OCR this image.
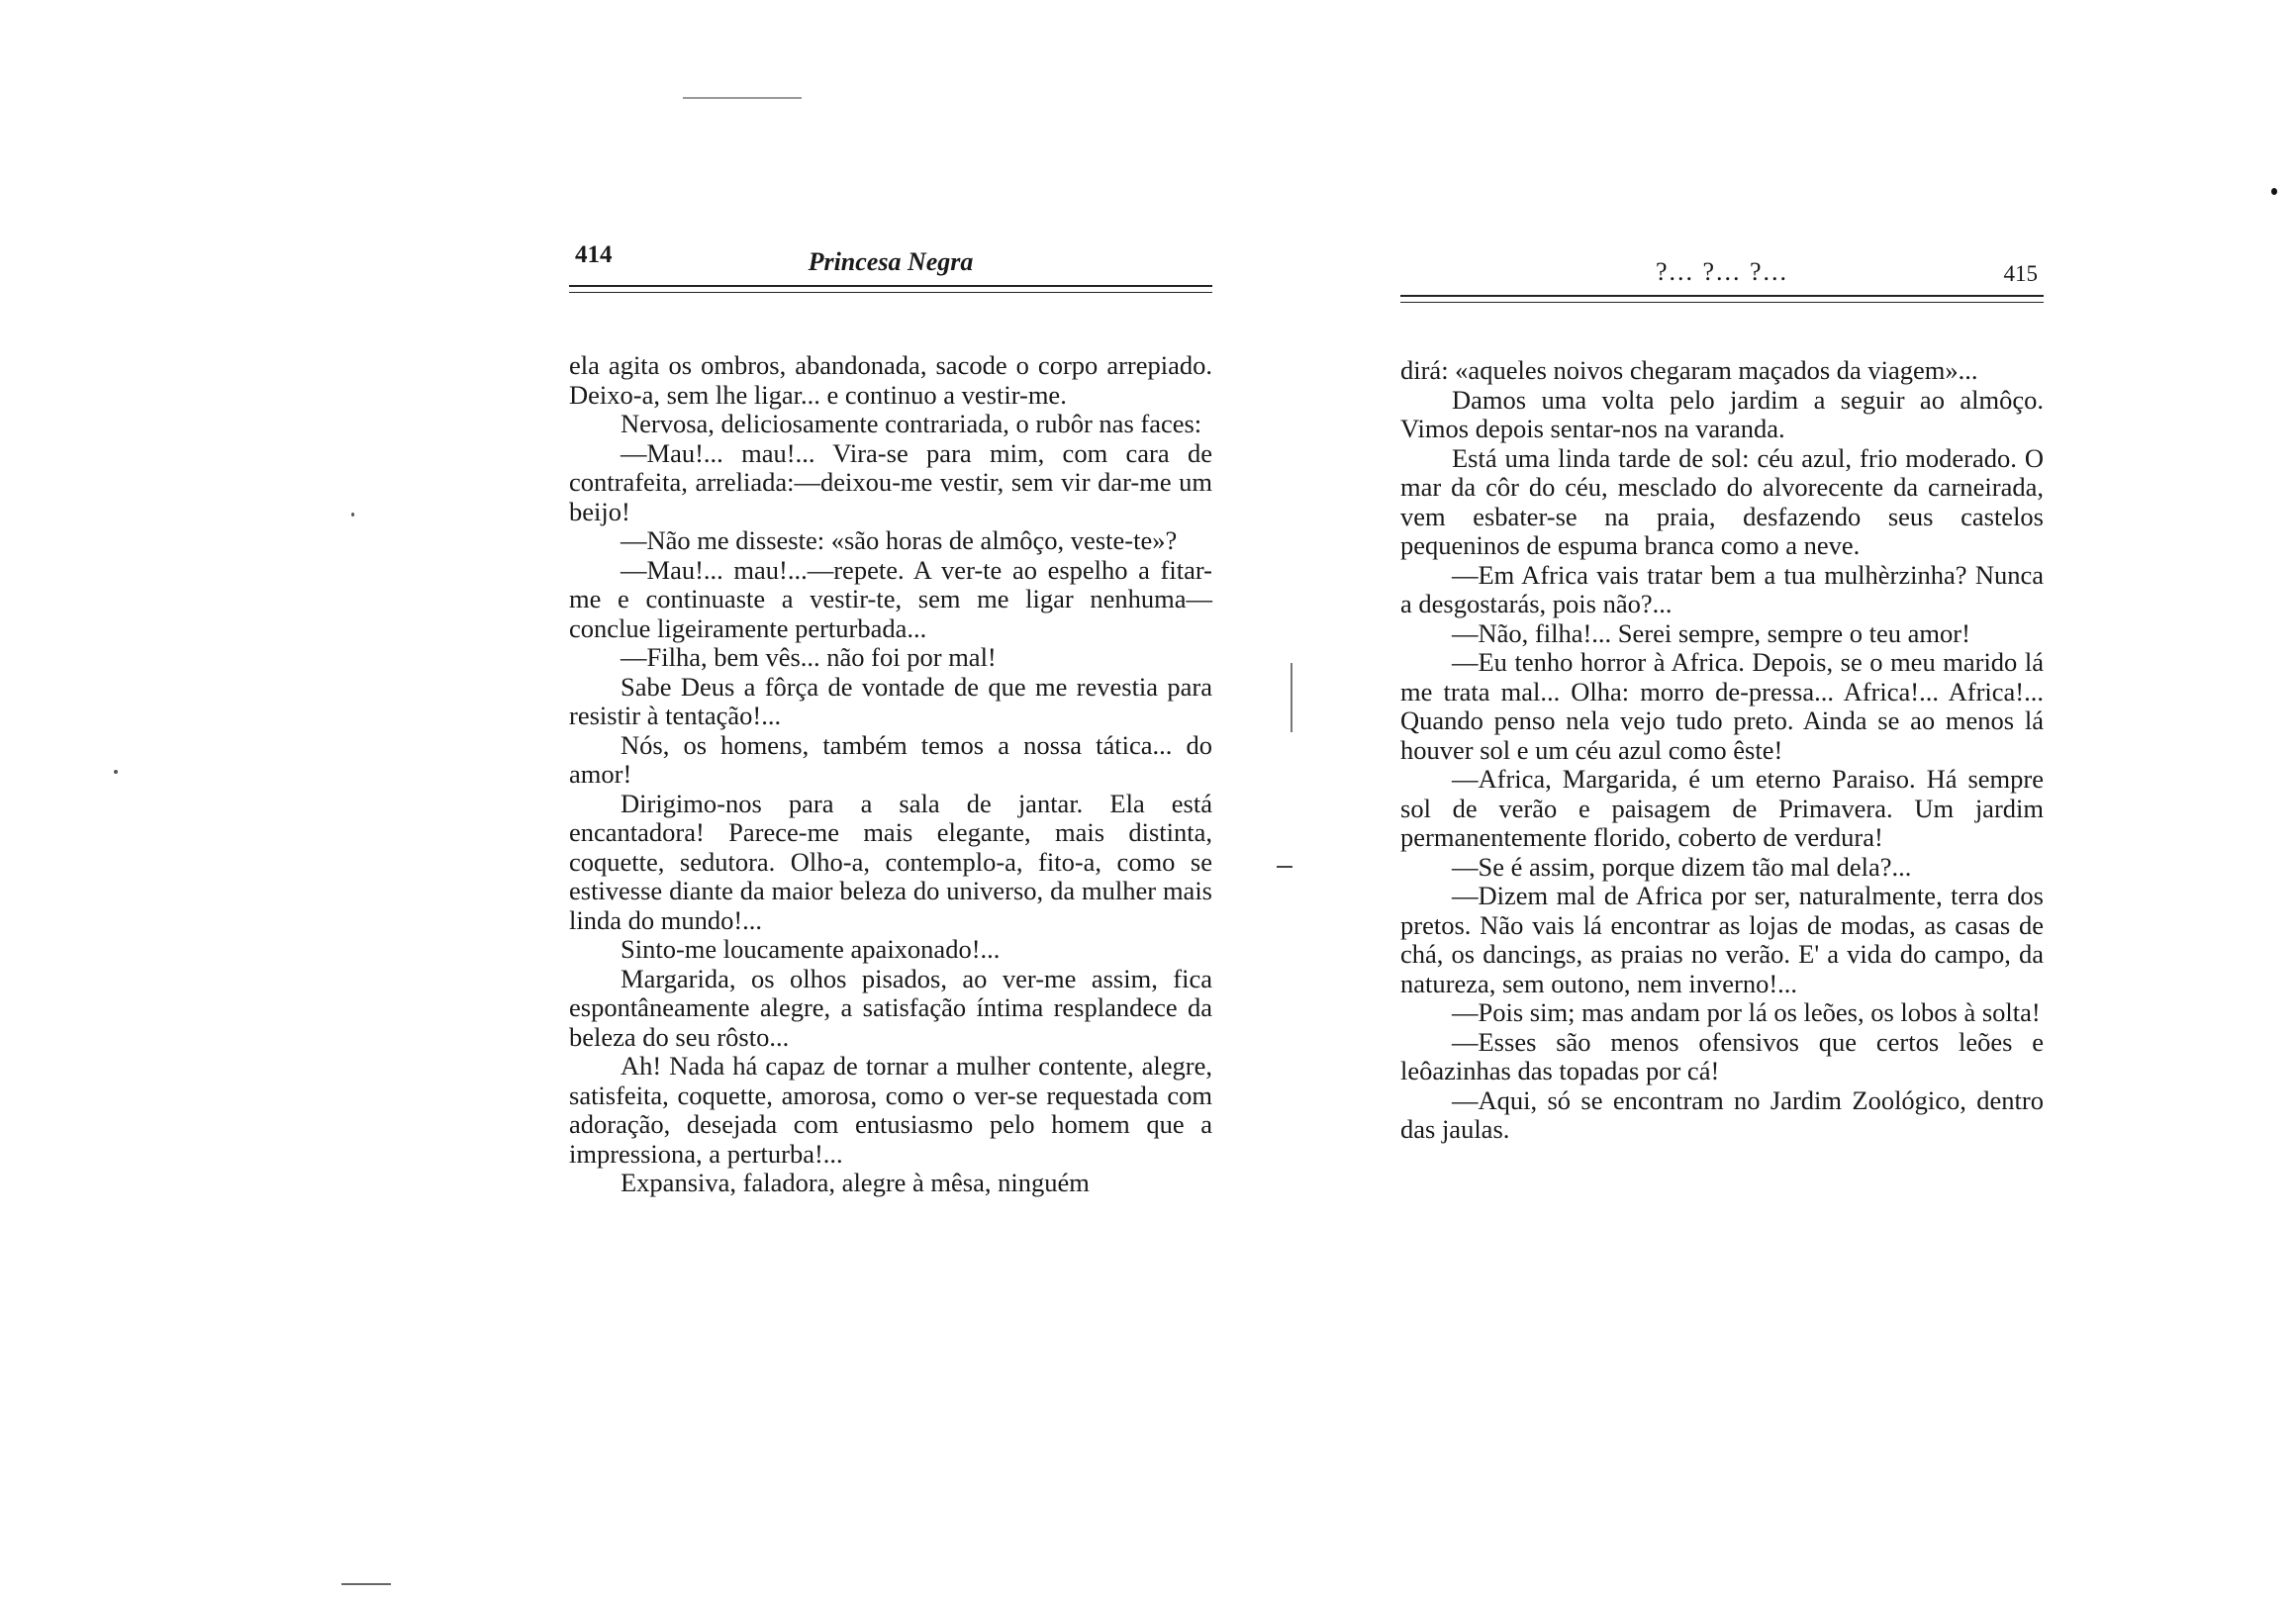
414	Princesa Negra

ela agita os ombros, abandonada, sacode o corpo arrepiado. Deixo-a, sem lhe ligar... e continuo a vestir-me.

Nervosa, deliciosamente contrariada, o rubôr nas faces:

—Mau!... mau!... Vira-se para mim, com cara de contrafeita, arreliada:—deixou-me vestir, sem vir dar-me um beijo!

—Não me disseste: «são horas de almôço, veste-te»?

—Mau!... mau!...—repete. A ver-te ao espelho a fitar-me e continuaste a vestir-te, sem me ligar nenhuma—conclue ligeiramente perturbada...

—Filha, bem vês... não foi por mal!

Sabe Deus a fôrça de vontade de que me revestia para resistir à tentação!...

Nós, os homens, também temos a nossa tática... do amor!

Dirigimo-nos para a sala de jantar. Ela está encantadora! Parece-me mais elegante, mais distinta, coquette, sedutora. Olho-a, contemplo-a, fito-a, como se estivesse diante da maior beleza do universo, da mulher mais linda do mundo!...

Sinto-me loucamente apaixonado!...

Margarida, os olhos pisados, ao ver-me assim, fica espontâneamente alegre, a satisfação íntima resplandece da beleza do seu rôsto...

Ah! Nada há capaz de tornar a mulher contente, alegre, satisfeita, coquette, amorosa, como o ver-se requestada com adoração, desejada com entusiasmo pelo homem que a impressiona, a perturba!...

Expansiva, faladora, alegre à mêsa, ninguém

?... ?... ?...	415

dirá: «aqueles noivos chegaram maçados da viagem»...

Damos uma volta pelo jardim a seguir ao almôço. Vimos depois sentar-nos na varanda.

Está uma linda tarde de sol: céu azul, frio moderado. O mar da côr do céu, mesclado do alvorecente da carneirada, vem esbater-se na praia, desfazendo seus castelos pequeninos de espuma branca como a neve.

—Em Africa vais tratar bem a tua mulhèrzinha? Nunca a desgostarás, pois não?...

—Não, filha!... Serei sempre, sempre o teu amor!

—Eu tenho horror à Africa. Depois, se o meu marido lá me trata mal... Olha: morro de-pressa... Africa!... Africa!... Quando penso nela vejo tudo preto. Ainda se ao menos lá houver sol e um céu azul como êste!

—Africa, Margarida, é um eterno Paraiso. Há sempre sol de verão e paisagem de Primavera. Um jardim permanentemente florido, coberto de verdura!

—Se é assim, porque dizem tão mal dela?...

—Dizem mal de Africa por ser, naturalmente, terra dos pretos. Não vais lá encontrar as lojas de modas, as casas de chá, os dancings, as praias no verão. E' a vida do campo, da natureza, sem outono, nem inverno!...

—Pois sim; mas andam por lá os leões, os lobos à solta!

—Esses são menos ofensivos que certos leões e leôazinhas das topadas por cá!

—Aqui, só se encontram no Jardim Zoológico, dentro das jaulas.
